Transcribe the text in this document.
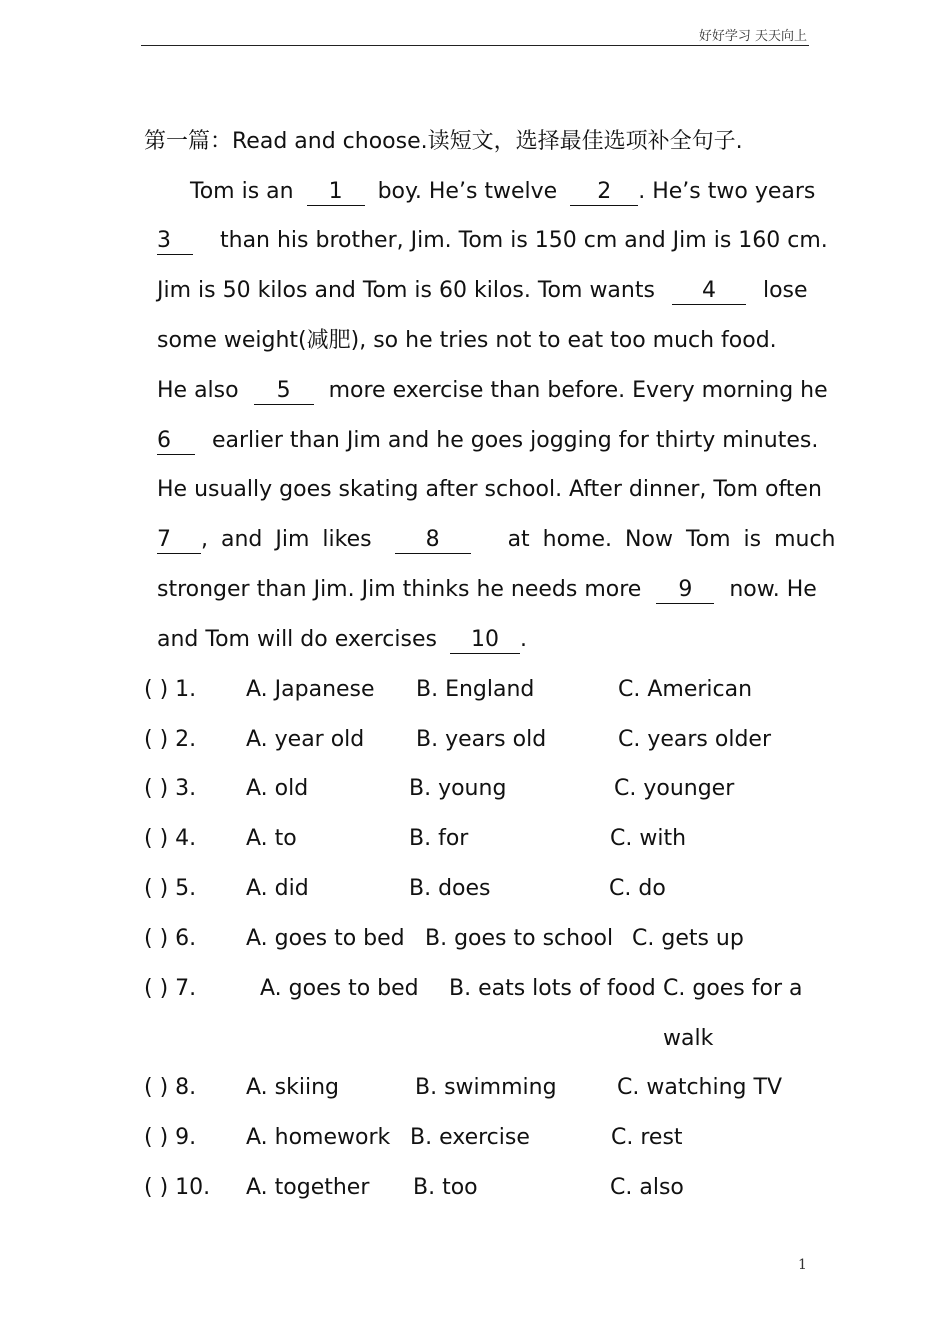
好好学习 天天向上
第一篇：Read and choose.读短文，选择最佳选项补全句子.
Tom is an 1 boy. He’s twelve 2 . He’s two years
3 than his brother, Jim. Tom is 150 cm and Jim is 160 cm.
Jim is 50 kilos and Tom is 60 kilos. Tom wants 4 lose
some weight(减肥), so he tries not to eat too much food.
He also 5 more exercise than before. Every morning he
6 earlier than Jim and he goes jogging for thirty minutes.
He usually goes skating after school. After dinner, Tom often
7 , and Jim likes 8	at home. Now Tom is much
stronger than Jim. Jim thinks he needs more 9 now. He
and Tom will do exercises 10 .
( ) 1. A. Japanese B. England	C. American
( ) 2. A. year old B. years old	C. years older
( ) 3. A. old	B. young	C. younger
( ) 4. A. to	B. for	C. with
( ) 5. A. did	B. does	C. do
( ) 6. A. goes to bed B. goes to school C. gets up
( ) 7.	A. goes to bed B. eats lots of food C. goes for a walk
( ) 8. A. skiing	B. swimming	C. watching TV
( ) 9. A. homework B. exercise	C. rest
( ) 10. A. together B. too	C. also
1
